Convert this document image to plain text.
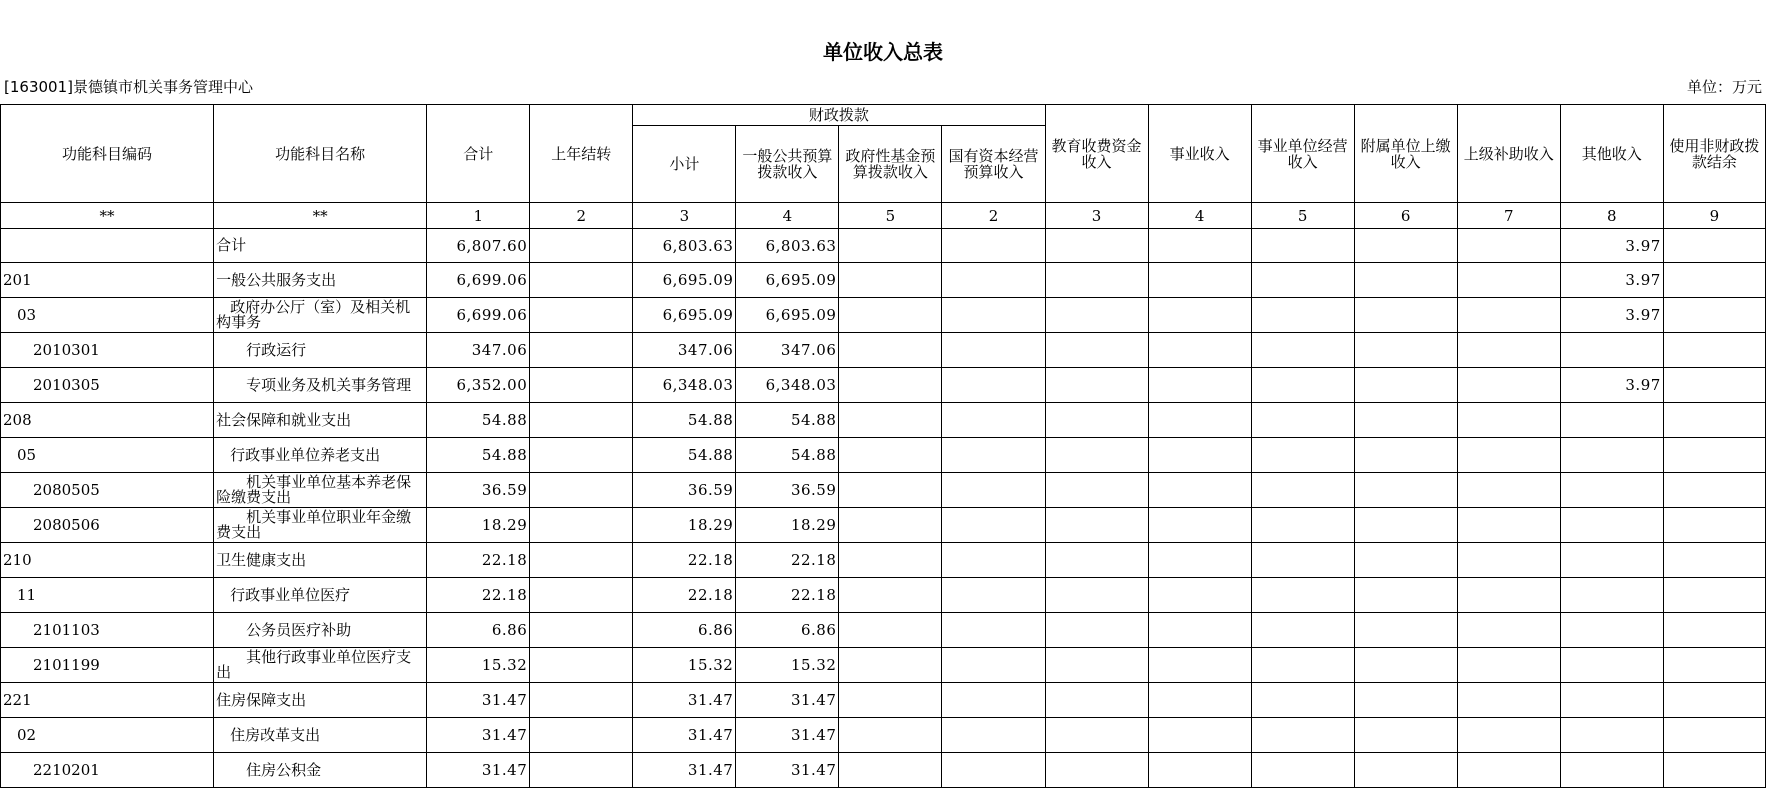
单位收入总表
[163001]景德镇市机关事务管理中心	单位：万元
功能科目编码	功能科目名称	合计	上年结转	财政拨款				教育收费资金收入	事业收入	事业单位经营收入	附属单位上缴收入	上级补助收入	其他收入	使用非财政拨款结余
				小计	一般公共预算拨款收入	政府性基金预算拨款收入	国有资本经营预算收入							
**	**	1	2	3	4	5	2	3	4	5	6	7	8	9

	合计	6,807.60		6,803.63	6,803.63								3.97	
201	一般公共服务支出	6,699.06		6,695.09	6,695.09								3.97	
03	政府办公厅（室）及相关机构事务	6,699.06		6,695.09	6,695.09								3.97	
2010301	行政运行	347.06		347.06	347.06									
2010305	专项业务及机关事务管理	6,352.00		6,348.03	6,348.03								3.97	
208	社会保障和就业支出	54.88		54.88	54.88									
05	行政事业单位养老支出	54.88		54.88	54.88									
2080505	机关事业单位基本养老保险缴费支出	36.59		36.59	36.59									
2080506	机关事业单位职业年金缴费支出	18.29		18.29	18.29									
210	卫生健康支出	22.18		22.18	22.18									
11	行政事业单位医疗	22.18		22.18	22.18									
2101103	公务员医疗补助	6.86		6.86	6.86									
2101199	其他行政事业单位医疗支出	15.32		15.32	15.32									
221	住房保障支出	31.47		31.47	31.47									
02	住房改革支出	31.47		31.47	31.47									
2210201	住房公积金	31.47		31.47	31.47									
